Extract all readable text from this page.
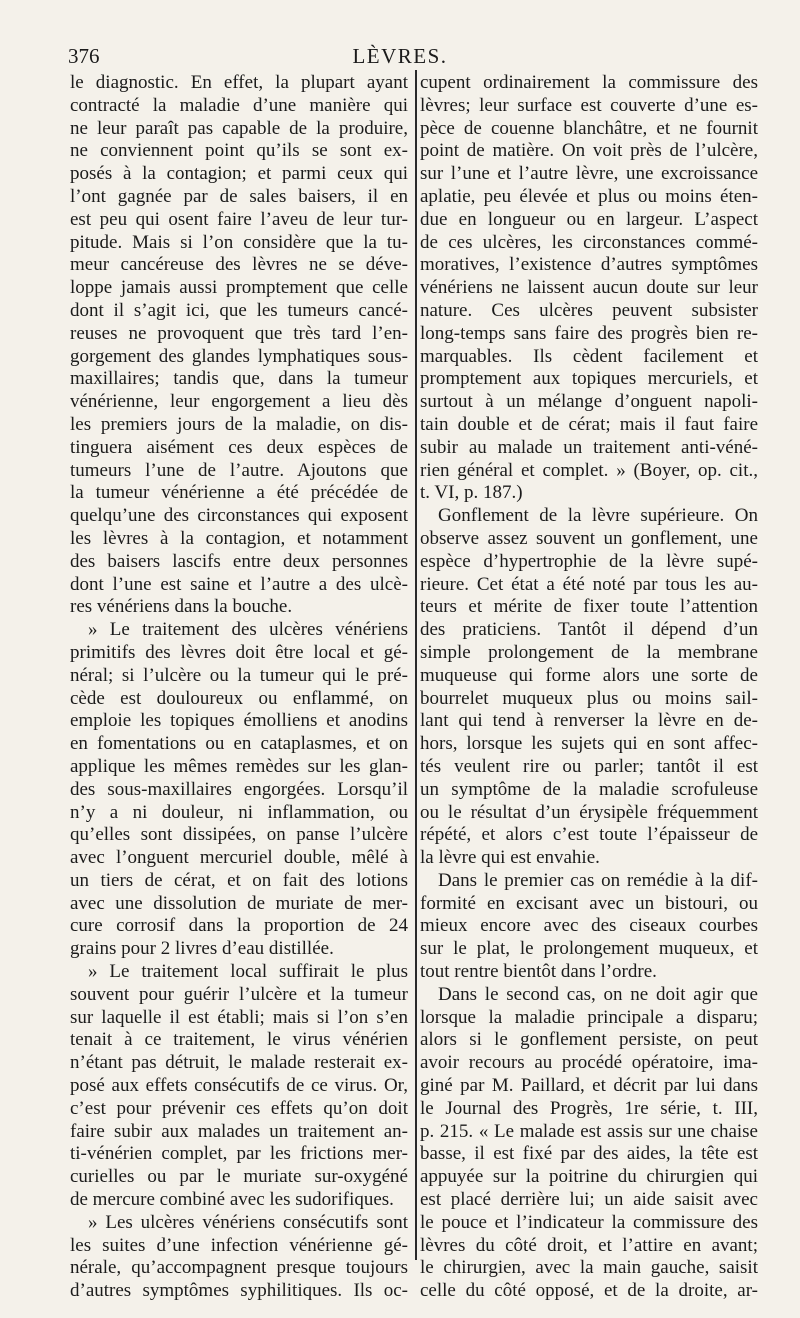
376	LÈVRES.
le diagnostic. En effet, la plupart ayant
contracté la maladie d’une manière qui
ne leur paraît pas capable de la produire,
ne conviennent point qu’ils se sont ex-
posés à la contagion; et parmi ceux qui
l’ont gagnée par de sales baisers, il en
est peu qui osent faire l’aveu de leur tur-
pitude. Mais si l’on considère que la tu-
meur cancéreuse des lèvres ne se déve-
loppe jamais aussi promptement que celle
dont il s’agit ici, que les tumeurs cancé-
reuses ne provoquent que très tard l’en-
gorgement des glandes lymphatiques sous-
maxillaires; tandis que, dans la tumeur
vénérienne, leur engorgement a lieu dès
les premiers jours de la maladie, on dis-
tinguera aisément ces deux espèces de
tumeurs l’une de l’autre. Ajoutons que
la tumeur vénérienne a été précédée de
quelqu’une des circonstances qui exposent
les lèvres à la contagion, et notamment
des baisers lascifs entre deux personnes
dont l’une est saine et l’autre a des ulcè-
res vénériens dans la bouche.
» Le traitement des ulcères vénériens
primitifs des lèvres doit être local et gé-
néral; si l’ulcère ou la tumeur qui le pré-
cède est douloureux ou enflammé, on
emploie les topiques émolliens et anodins
en fomentations ou en cataplasmes, et on
applique les mêmes remèdes sur les glan-
des sous-maxillaires engorgées. Lorsqu’il
n’y a ni douleur, ni inflammation, ou
qu’elles sont dissipées, on panse l’ulcère
avec l’onguent mercuriel double, mêlé à
un tiers de cérat, et on fait des lotions
avec une dissolution de muriate de mer-
cure corrosif dans la proportion de 24
grains pour 2 livres d’eau distillée.
» Le traitement local suffirait le plus
souvent pour guérir l’ulcère et la tumeur
sur laquelle il est établi; mais si l’on s’en
tenait à ce traitement, le virus vénérien
n’étant pas détruit, le malade resterait ex-
posé aux effets consécutifs de ce virus. Or,
c’est pour prévenir ces effets qu’on doit
faire subir aux malades un traitement an-
ti-vénérien complet, par les frictions mer-
curielles ou par le muriate sur-oxygéné
de mercure combiné avec les sudorifiques.
» Les ulcères vénériens consécutifs sont
les suites d’une infection vénérienne gé-
nérale, qu’accompagnent presque toujours
d’autres symptômes syphilitiques. Ils oc-
cupent ordinairement la commissure des
lèvres; leur surface est couverte d’une es-
pèce de couenne blanchâtre, et ne fournit
point de matière. On voit près de l’ulcère,
sur l’une et l’autre lèvre, une excroissance
aplatie, peu élevée et plus ou moins éten-
due en longueur ou en largeur. L’aspect
de ces ulcères, les circonstances commé-
moratives, l’existence d’autres symptômes
vénériens ne laissent aucun doute sur leur
nature. Ces ulcères peuvent subsister
long-temps sans faire des progrès bien re-
marquables. Ils cèdent facilement et
promptement aux topiques mercuriels, et
surtout à un mélange d’onguent napoli-
tain double et de cérat; mais il faut faire
subir au malade un traitement anti-véné-
rien général et complet. » (Boyer, op. cit.,
t. VI, p. 187.)
Gonflement de la lèvre supérieure. On
observe assez souvent un gonflement, une
espèce d’hypertrophie de la lèvre supé-
rieure. Cet état a été noté par tous les au-
teurs et mérite de fixer toute l’attention
des praticiens. Tantôt il dépend d’un
simple prolongement de la membrane
muqueuse qui forme alors une sorte de
bourrelet muqueux plus ou moins sail-
lant qui tend à renverser la lèvre en de-
hors, lorsque les sujets qui en sont affec-
tés veulent rire ou parler; tantôt il est
un symptôme de la maladie scrofuleuse
ou le résultat d’un érysipèle fréquemment
répété, et alors c’est toute l’épaisseur de
la lèvre qui est envahie.
Dans le premier cas on remédie à la dif-
formité en excisant avec un bistouri, ou
mieux encore avec des ciseaux courbes
sur le plat, le prolongement muqueux, et
tout rentre bientôt dans l’ordre.
Dans le second cas, on ne doit agir que
lorsque la maladie principale a disparu;
alors si le gonflement persiste, on peut
avoir recours au procédé opératoire, ima-
giné par M. Paillard, et décrit par lui dans
le Journal des Progrès, 1re série, t. III,
p. 215. « Le malade est assis sur une chaise
basse, il est fixé par des aides, la tête est
appuyée sur la poitrine du chirurgien qui
est placé derrière lui; un aide saisit avec
le pouce et l’indicateur la commissure des
lèvres du côté droit, et l’attire en avant;
le chirurgien, avec la main gauche, saisit
celle du côté opposé, et de la droite, ar-
